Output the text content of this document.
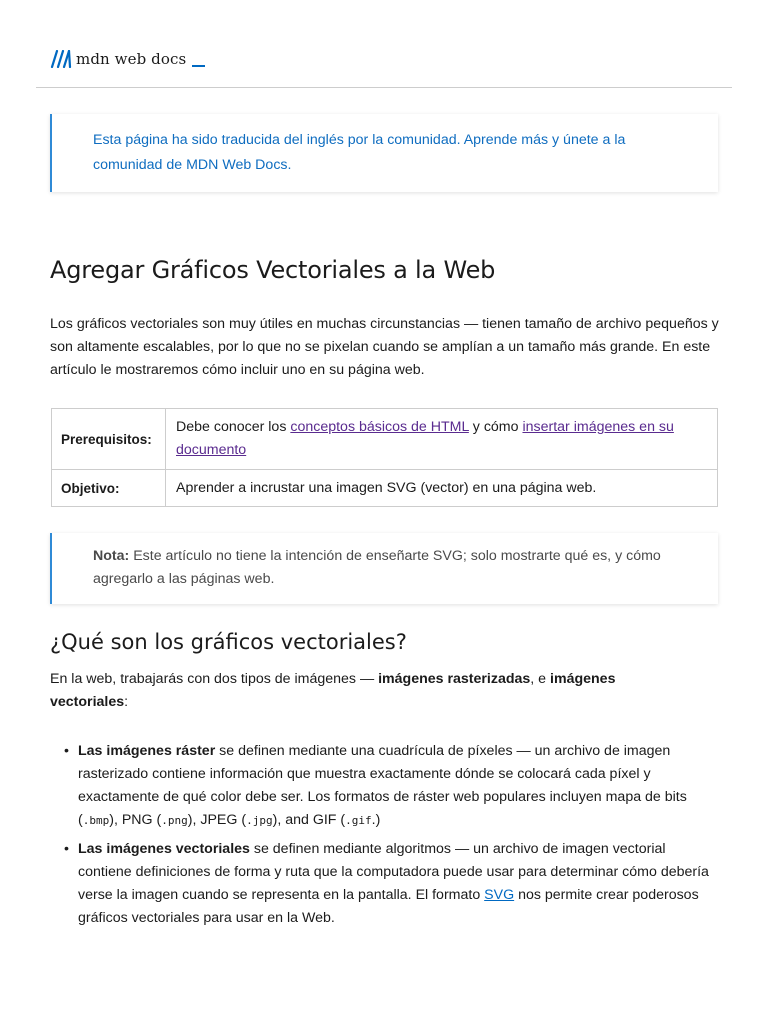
mdn web docs

Esta página ha sido traducida del inglés por la comunidad. Aprende más y únete a la comunidad de MDN Web Docs.

Agregar Gráficos Vectoriales a la Web

Los gráficos vectoriales son muy útiles en muchas circunstancias — tienen tamaño de archivo pequeños y son altamente escalables, por lo que no se pixelan cuando se amplían a un tamaño más grande. En este artículo le mostraremos cómo incluir uno en su página web.

Prerequisitos:	Debe conocer los conceptos básicos de HTML y cómo insertar imágenes en su documento
Objetivo:	Aprender a incrustar una imagen SVG (vector) en una página web.

Nota: Este artículo no tiene la intención de enseñarte SVG; solo mostrarte qué es, y cómo agregarlo a las páginas web.

¿Qué son los gráficos vectoriales?

En la web, trabajarás con dos tipos de imágenes — imágenes rasterizadas, e imágenes vectoriales:

• Las imágenes ráster se definen mediante una cuadrícula de píxeles — un archivo de imagen rasterizado contiene información que muestra exactamente dónde se colocará cada píxel y exactamente de qué color debe ser. Los formatos de ráster web populares incluyen mapa de bits (.bmp), PNG (.png), JPEG (.jpg), and GIF (.gif.)
• Las imágenes vectoriales se definen mediante algoritmos — un archivo de imagen vectorial contiene definiciones de forma y ruta que la computadora puede usar para determinar cómo debería verse la imagen cuando se representa en la pantalla. El formato SVG nos permite crear poderosos gráficos vectoriales para usar en la Web.
